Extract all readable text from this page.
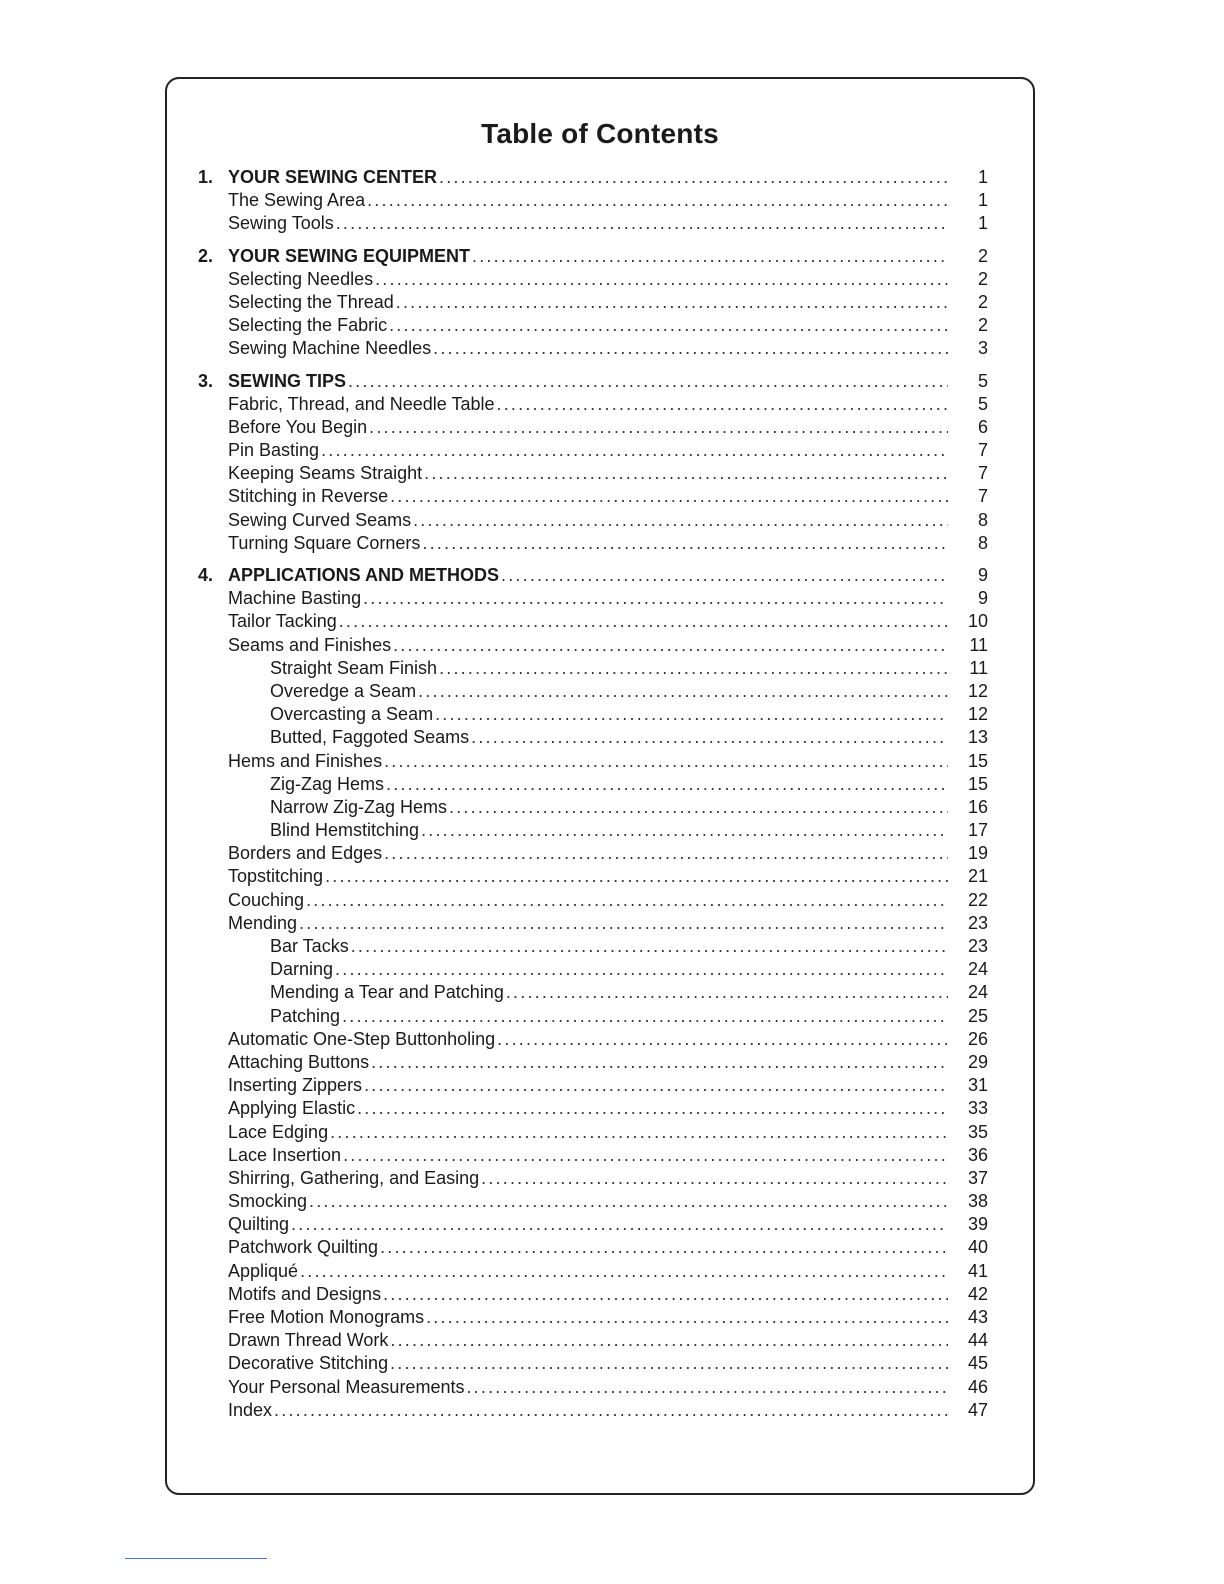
Table of Contents
1. YOUR SEWING CENTER .....	1
The Sewing Area .....	1
Sewing Tools .....	1
2. YOUR SEWING EQUIPMENT .....	2
Selecting Needles .....	2
Selecting the Thread .....	2
Selecting the Fabric .....	2
Sewing Machine Needles .....	3
3. SEWING TIPS .....	5
Fabric, Thread, and Needle Table .....	5
Before You Begin .....	6
Pin Basting .....	7
Keeping Seams Straight .....	7
Stitching in Reverse .....	7
Sewing Curved Seams .....	8
Turning Square Corners .....	8
4. APPLICATIONS AND METHODS .....	9
Machine Basting .....	9
Tailor Tacking .....	10
Seams and Finishes .....	11
Straight Seam Finish .....	11
Overedge a Seam .....	12
Overcasting a Seam .....	12
Butted, Faggoted Seams .....	13
Hems and Finishes .....	15
Zig-Zag Hems .....	15
Narrow Zig-Zag Hems .....	16
Blind Hemstitching .....	17
Borders and Edges .....	19
Topstitching .....	21
Couching .....	22
Mending .....	23
Bar Tacks .....	23
Darning .....	24
Mending a Tear and Patching .....	24
Patching .....	25
Automatic One-Step Buttonholing .....	26
Attaching Buttons .....	29
Inserting Zippers .....	31
Applying Elastic .....	33
Lace Edging .....	35
Lace Insertion .....	36
Shirring, Gathering, and Easing .....	37
Smocking .....	38
Quilting .....	39
Patchwork Quilting .....	40
Appliqué .....	41
Motifs and Designs .....	42
Free Motion Monograms .....	43
Drawn Thread Work .....	44
Decorative Stitching .....	45
Your Personal Measurements .....	46
Index .....	47
